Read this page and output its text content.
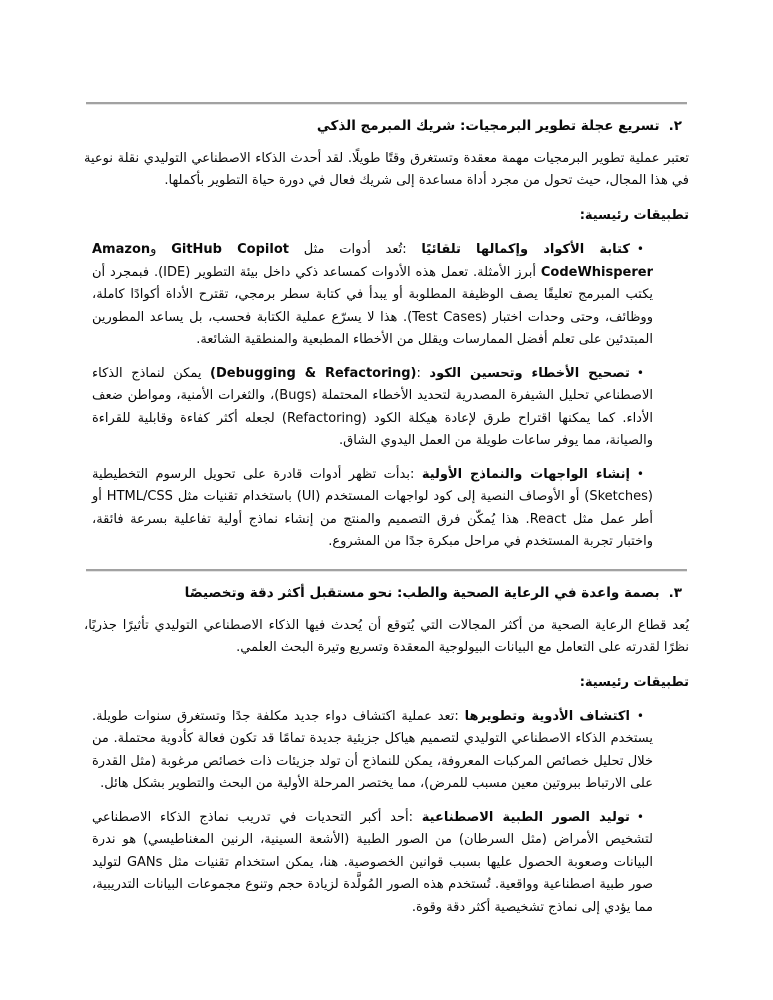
٢.تسريع عجلة تطوير البرمجيات: شريك المبرمج الذكي

تعتبر عملية تطوير البرمجيات مهمة معقدة وتستغرق وقتًا طويلًا. لقد أحدث الذكاء الاصطناعي التوليدي نقلة نوعية في هذا المجال، حيث تحول من مجرد أداة مساعدة إلى شريك فعال في دورة حياة التطوير بأكملها.

تطبيقات رئيسية:

•كتابة الأكواد وإكمالها تلقائيًا :تُعد أدوات مثل GitHub Copilot وAmazon CodeWhisperer أبرز الأمثلة. تعمل هذه الأدوات كمساعد ذكي داخل بيئة التطوير (IDE). فبمجرد أن يكتب المبرمج تعليقًا يصف الوظيفة المطلوبة أو يبدأ في كتابة سطر برمجي، تقترح الأداة أكوادًا كاملة، ووظائف، وحتى وحدات اختبار (Test Cases). هذا لا يسرّع عملية الكتابة فحسب، بل يساعد المطورين المبتدئين على تعلم أفضل الممارسات ويقلل من الأخطاء المطبعية والمنطقية الشائعة.
•تصحيح الأخطاء وتحسين الكود :(Debugging & Refactoring) يمكن لنماذج الذكاء الاصطناعي تحليل الشيفرة المصدرية لتحديد الأخطاء المحتملة (Bugs)، والثغرات الأمنية، ومواطن ضعف الأداء. كما يمكنها اقتراح طرق لإعادة هيكلة الكود (Refactoring) لجعله أكثر كفاءة وقابلية للقراءة والصيانة، مما يوفر ساعات طويلة من العمل اليدوي الشاق.
•إنشاء الواجهات والنماذج الأولية :بدأت تظهر أدوات قادرة على تحويل الرسوم التخطيطية (Sketches) أو الأوصاف النصية إلى كود لواجهات المستخدم (UI) باستخدام تقنيات مثل HTML/CSS أو أطر عمل مثل React. هذا يُمكّن فرق التصميم والمنتج من إنشاء نماذج أولية تفاعلية بسرعة فائقة، واختبار تجربة المستخدم في مراحل مبكرة جدًا من المشروع.
٣.بصمة واعدة في الرعاية الصحية والطب: نحو مستقبل أكثر دقة وتخصيصًا

يُعد قطاع الرعاية الصحية من أكثر المجالات التي يُتوقع أن يُحدث فيها الذكاء الاصطناعي التوليدي تأثيرًا جذريًا، نظرًا لقدرته على التعامل مع البيانات البيولوجية المعقدة وتسريع وتيرة البحث العلمي.

تطبيقات رئيسية:

•اكتشاف الأدوية وتطويرها :تعد عملية اكتشاف دواء جديد مكلفة جدًا وتستغرق سنوات طويلة. يستخدم الذكاء الاصطناعي التوليدي لتصميم هياكل جزيئية جديدة تمامًا قد تكون فعالة كأدوية محتملة. من خلال تحليل خصائص المركبات المعروفة، يمكن للنماذج أن تولد جزيئات ذات خصائص مرغوبة (مثل القدرة على الارتباط ببروتين معين مسبب للمرض)، مما يختصر المرحلة الأولية من البحث والتطوير بشكل هائل.
•توليد الصور الطبية الاصطناعية :أحد أكبر التحديات في تدريب نماذج الذكاء الاصطناعي لتشخيص الأمراض (مثل السرطان) من الصور الطبية (الأشعة السينية، الرنين المغناطيسي) هو ندرة البيانات وصعوبة الحصول عليها بسبب قوانين الخصوصية. هنا، يمكن استخدام تقنيات مثل GANs لتوليد صور طبية اصطناعية وواقعية. تُستخدم هذه الصور المُولَّدة لزيادة حجم وتنوع مجموعات البيانات التدريبية، مما يؤدي إلى نماذج تشخيصية أكثر دقة وقوة.
